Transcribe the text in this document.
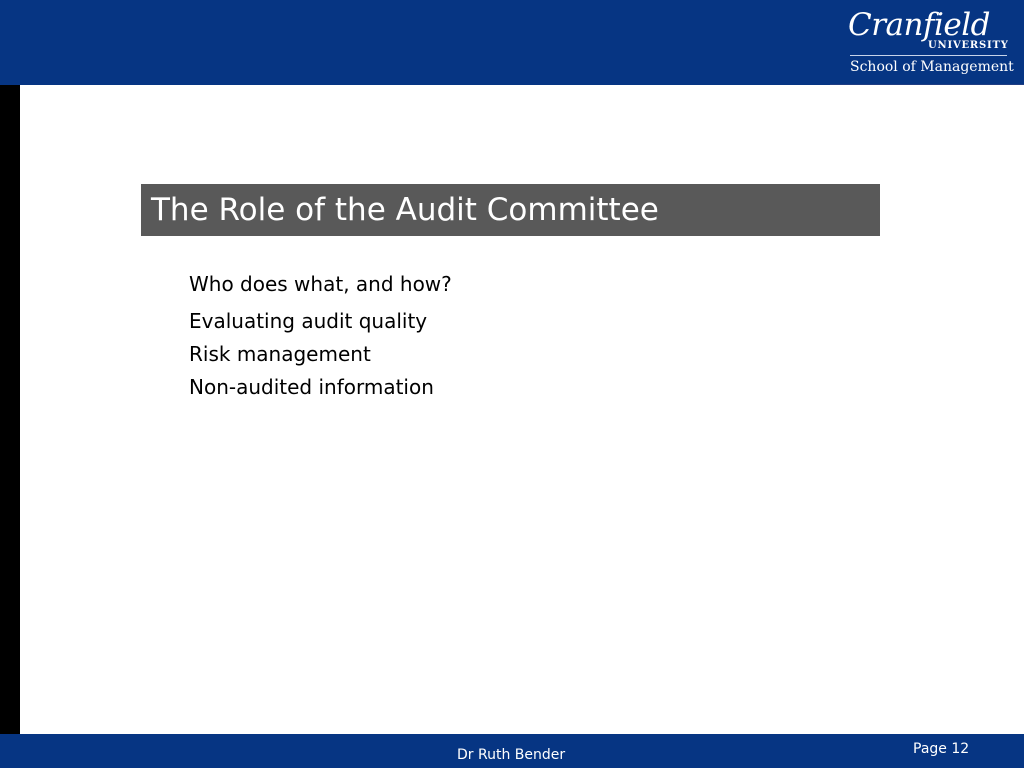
Cranfield
UNIVERSITY
School of Management
The Role of the Audit Committee
Who does what, and how?
Evaluating audit quality
Risk management
Non-audited information
Dr Ruth Bender	Page 12
